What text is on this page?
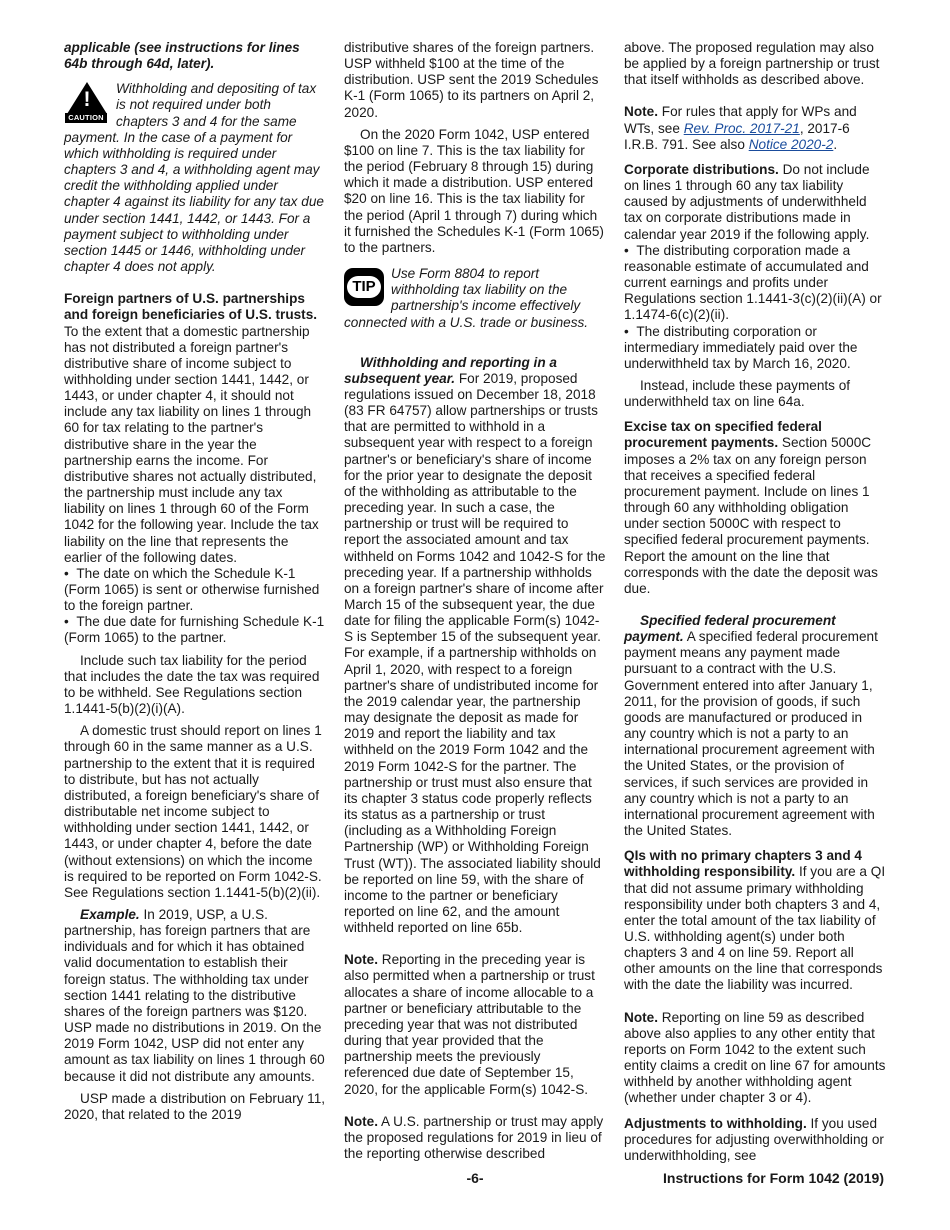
applicable (see instructions for lines 64b through 64d, later).

!
CAUTION

Withholding and depositing of tax is not required under both chapters 3 and 4 for the same payment. In the case of a payment for which withholding is required under chapters 3 and 4, a withholding agent may credit the withholding applied under chapter 4 against its liability for any tax due under section 1441, 1442, or 1443. For a payment subject to withholding under section 1445 or 1446, withholding under chapter 4 does not apply.

Foreign partners of U.S. partnerships and foreign beneficiaries of U.S. trusts. To the extent that a domestic partnership has not distributed a foreign partner's distributive share of income subject to withholding under section 1441, 1442, or 1443, or under chapter 4, it should not include any tax liability on lines 1 through 60 for tax relating to the partner's distributive share in the year the partnership earns the income. For distributive shares not actually distributed, the partnership must include any tax liability on lines 1 through 60 of the Form 1042 for the following year. Include the tax liability on the line that represents the earlier of the following dates.

•  The date on which the Schedule K-1 (Form 1065) is sent or otherwise furnished to the foreign partner.

•  The due date for furnishing Schedule K-1 (Form 1065) to the partner.

Include such tax liability for the period that includes the date the tax was required to be withheld. See Regulations section 1.1441-5(b)(2)(i)(A).

A domestic trust should report on lines 1 through 60 in the same manner as a U.S. partnership to the extent that it is required to distribute, but has not actually distributed, a foreign beneficiary's share of distributable net income subject to withholding under section 1441, 1442, or 1443, or under chapter 4, before the date (without extensions) on which the income is required to be reported on Form 1042-S. See Regulations section 1.1441-5(b)(2)(ii).

Example. In 2019, USP, a U.S. partnership, has foreign partners that are individuals and for which it has obtained valid documentation to establish their foreign status. The withholding tax under section 1441 relating to the distributive shares of the foreign partners was $120. USP made no distributions in 2019. On the 2019 Form 1042, USP did not enter any amount as tax liability on lines 1 through 60 because it did not distribute any amounts.

USP made a distribution on February 11, 2020, that related to the 2019

distributive shares of the foreign partners. USP withheld $100 at the time of the distribution. USP sent the 2019 Schedules K-1 (Form 1065) to its partners on April 2, 2020.

On the 2020 Form 1042, USP entered $100 on line 7. This is the tax liability for the period (February 8 through 15) during which it made a distribution. USP entered $20 on line 16. This is the tax liability for the period (April 1 through 7) during which it furnished the Schedules K-1 (Form 1065) to the partners.

TIP

Use Form 8804 to report withholding tax liability on the partnership's income effectively connected with a U.S. trade or business.

Withholding and reporting in a subsequent year. For 2019, proposed regulations issued on December 18, 2018 (83 FR 64757) allow partnerships or trusts that are permitted to withhold in a subsequent year with respect to a foreign partner's or beneficiary's share of income for the prior year to designate the deposit of the withholding as attributable to the preceding year. In such a case, the partnership or trust will be required to report the associated amount and tax withheld on Forms 1042 and 1042-S for the preceding year. If a partnership withholds on a foreign partner's share of income after March 15 of the subsequent year, the due date for filing the applicable Form(s) 1042-S is September 15 of the subsequent year. For example, if a partnership withholds on April 1, 2020, with respect to a foreign partner's share of undistributed income for the 2019 calendar year, the partnership may designate the deposit as made for 2019 and report the liability and tax withheld on the 2019 Form 1042 and the 2019 Form 1042-S for the partner. The partnership or trust must also ensure that its chapter 3 status code properly reflects its status as a partnership or trust (including as a Withholding Foreign Partnership (WP) or Withholding Foreign Trust (WT)). The associated liability should be reported on line 59, with the share of income to the partner or beneficiary reported on line 62, and the amount withheld reported on line 65b.

Note. Reporting in the preceding year is also permitted when a partnership or trust allocates a share of income allocable to a partner or beneficiary attributable to the preceding year that was not distributed during that year provided that the partnership meets the previously referenced due date of September 15, 2020, for the applicable Form(s) 1042-S.

Note. A U.S. partnership or trust may apply the proposed regulations for 2019 in lieu of the reporting otherwise described

above. The proposed regulation may also be applied by a foreign partnership or trust that itself withholds as described above.

Note. For rules that apply for WPs and WTs, see Rev. Proc. 2017-21, 2017-6 I.R.B. 791. See also Notice 2020-2.

Corporate distributions. Do not include on lines 1 through 60 any tax liability caused by adjustments of underwithheld tax on corporate distributions made in calendar year 2019 if the following apply.

•  The distributing corporation made a reasonable estimate of accumulated and current earnings and profits under Regulations section 1.1441-3(c)(2)(ii)(A) or 1.1474-6(c)(2)(ii).

•  The distributing corporation or intermediary immediately paid over the underwithheld tax by March 16, 2020.

Instead, include these payments of underwithheld tax on line 64a.

Excise tax on specified federal procurement payments. Section 5000C imposes a 2% tax on any foreign person that receives a specified federal procurement payment. Include on lines 1 through 60 any withholding obligation under section 5000C with respect to specified federal procurement payments. Report the amount on the line that corresponds with the date the deposit was due.

Specified federal procurement payment. A specified federal procurement payment means any payment made pursuant to a contract with the U.S. Government entered into after January 1, 2011, for the provision of goods, if such goods are manufactured or produced in any country which is not a party to an international procurement agreement with the United States, or the provision of services, if such services are provided in any country which is not a party to an international procurement agreement with the United States.

QIs with no primary chapters 3 and 4 withholding responsibility. If you are a QI that did not assume primary withholding responsibility under both chapters 3 and 4, enter the total amount of the tax liability of U.S. withholding agent(s) under both chapters 3 and 4 on line 59. Report all other amounts on the line that corresponds with the date the liability was incurred.

Note. Reporting on line 59 as described above also applies to any other entity that reports on Form 1042 to the extent such entity claims a credit on line 67 for amounts withheld by another withholding agent (whether under chapter 3 or 4).

Adjustments to withholding. If you used procedures for adjusting overwithholding or underwithholding, see

-6-	Instructions for Form 1042 (2019)
